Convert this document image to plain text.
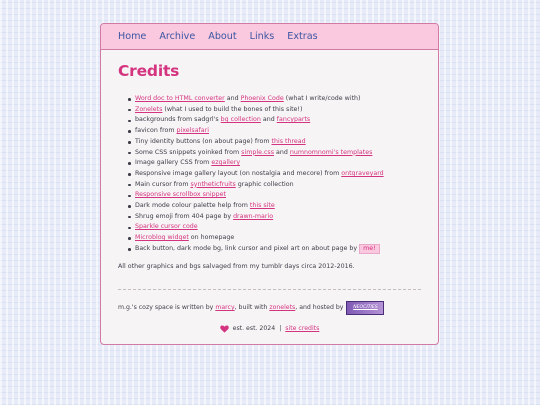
Home Archive About Links Extras
Credits
Word doc to HTML converter and Phoenix Code (what I write/code with)
Zonelets (what I used to build the bones of this site!)
backgrounds from sadgrl's bg collection and fancyparts
favicon from pixelsafari
Tiny identity buttons (on about page) from this thread
Some CSS snippets yoinked from simple.css and numnomnomi's templates
Image gallery CSS from ezgallery
Responsive image gallery layout (on nostalgia and mecore) from ontgraveyard
Main cursor from syntheticfruits graphic collection
Responsive scrollbox snippet
Dark mode colour palette help from this site
Shrug emoji from 404 page by drawn-mario
Sparkle cursor code
Microblog widget on homepage
Back button, dark mode bg, link cursor and pixel art on about page by me!

All other graphics and bgs salvaged from my tumblr days circa 2012-2016.

m.g.'s cozy space is written by marcy, built with zonelets, and hosted by	NEOCITIES
est. est. 2024 | site credits
